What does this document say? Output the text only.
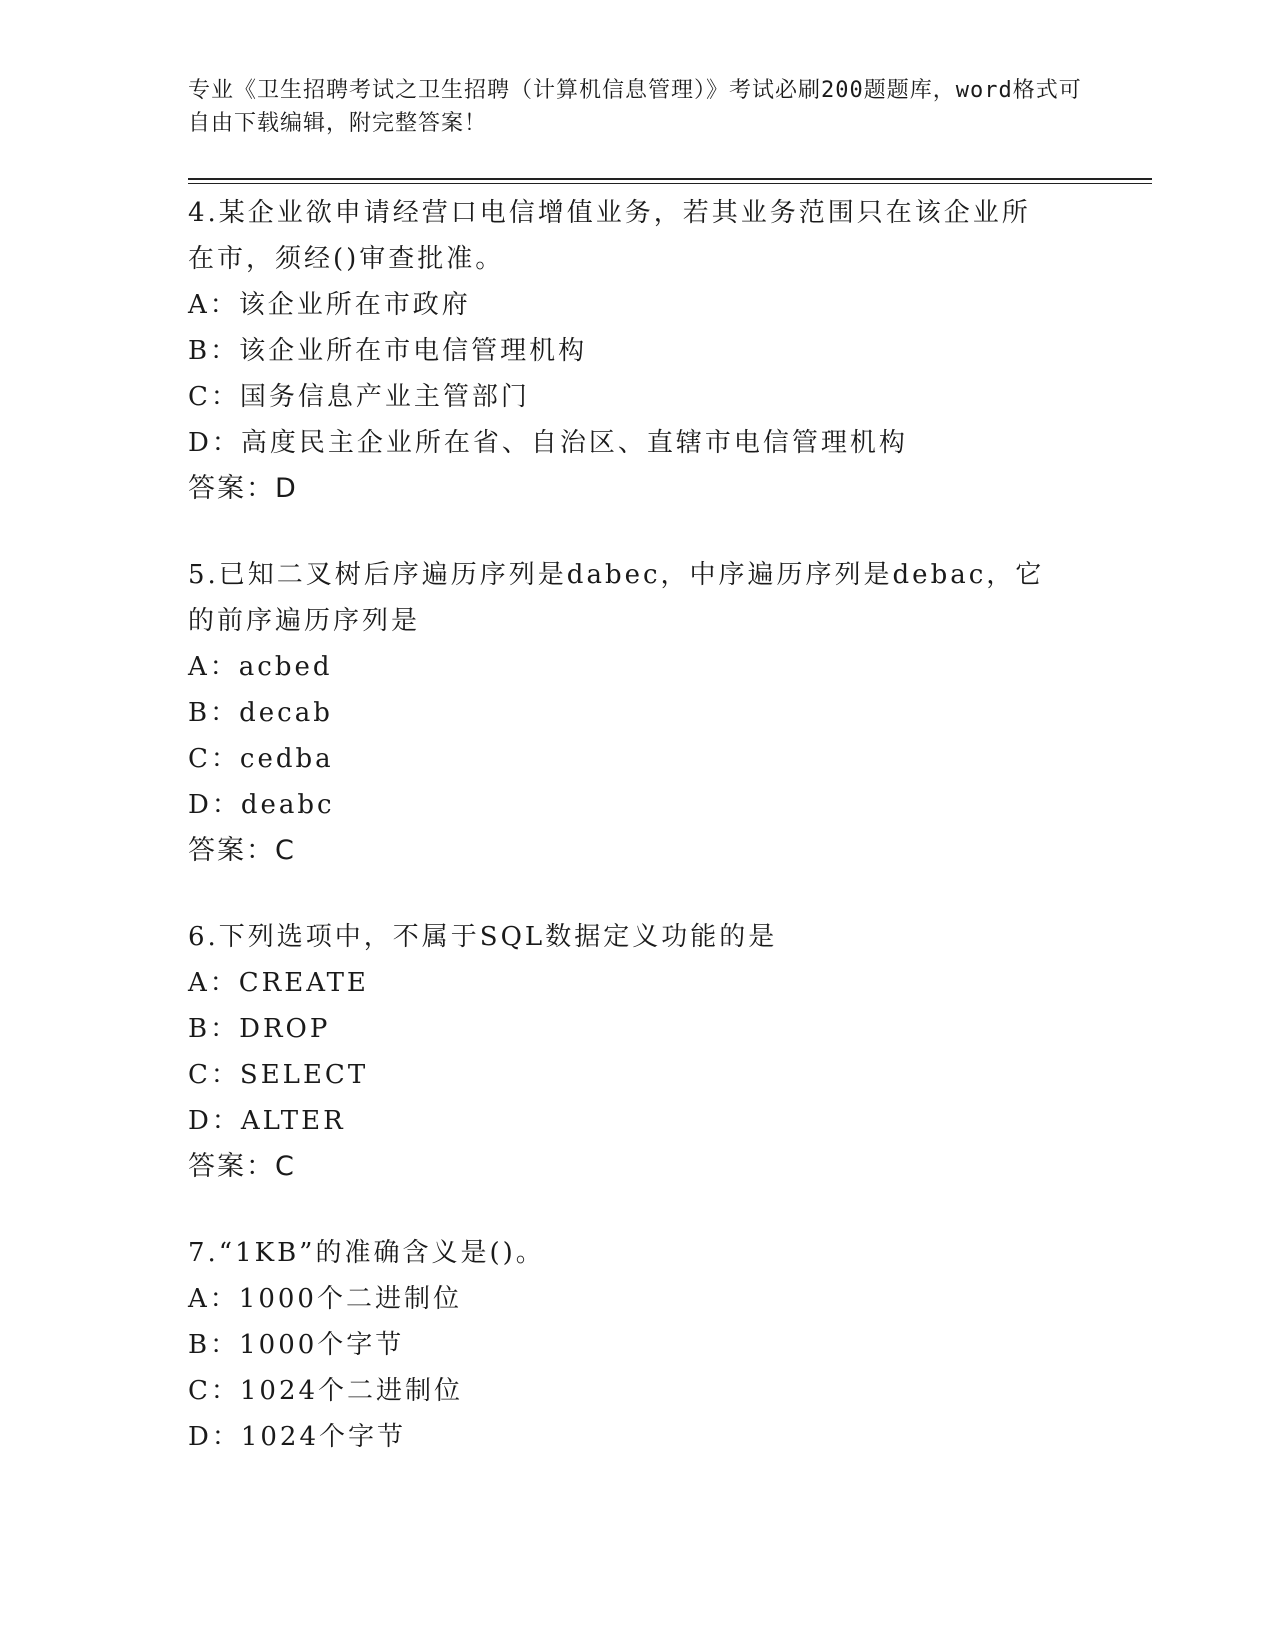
专业《卫生招聘考试之卫生招聘（计算机信息管理）》考试必刷200题题库，word格式可自由下载编辑，附完整答案！

4.某企业欲申请经营口电信增值业务，若其业务范围只在该企业所在市，须经()审查批准。

A：该企业所在市政府

B：该企业所在市电信管理机构

C：国务信息产业主管部门

D：高度民主企业所在省、自治区、直辖市电信管理机构

答案：D

5.已知二叉树后序遍历序列是dabec，中序遍历序列是debac，它的前序遍历序列是

A：acbed

B：decab

C：cedba

D：deabc

答案：C

6.下列选项中，不属于SQL数据定义功能的是

A：CREATE

B：DROP

C：SELECT

D：ALTER

答案：C

7.“1KB”的准确含义是()。

A：1000个二进制位

B：1000个字节

C：1024个二进制位

D：1024个字节
